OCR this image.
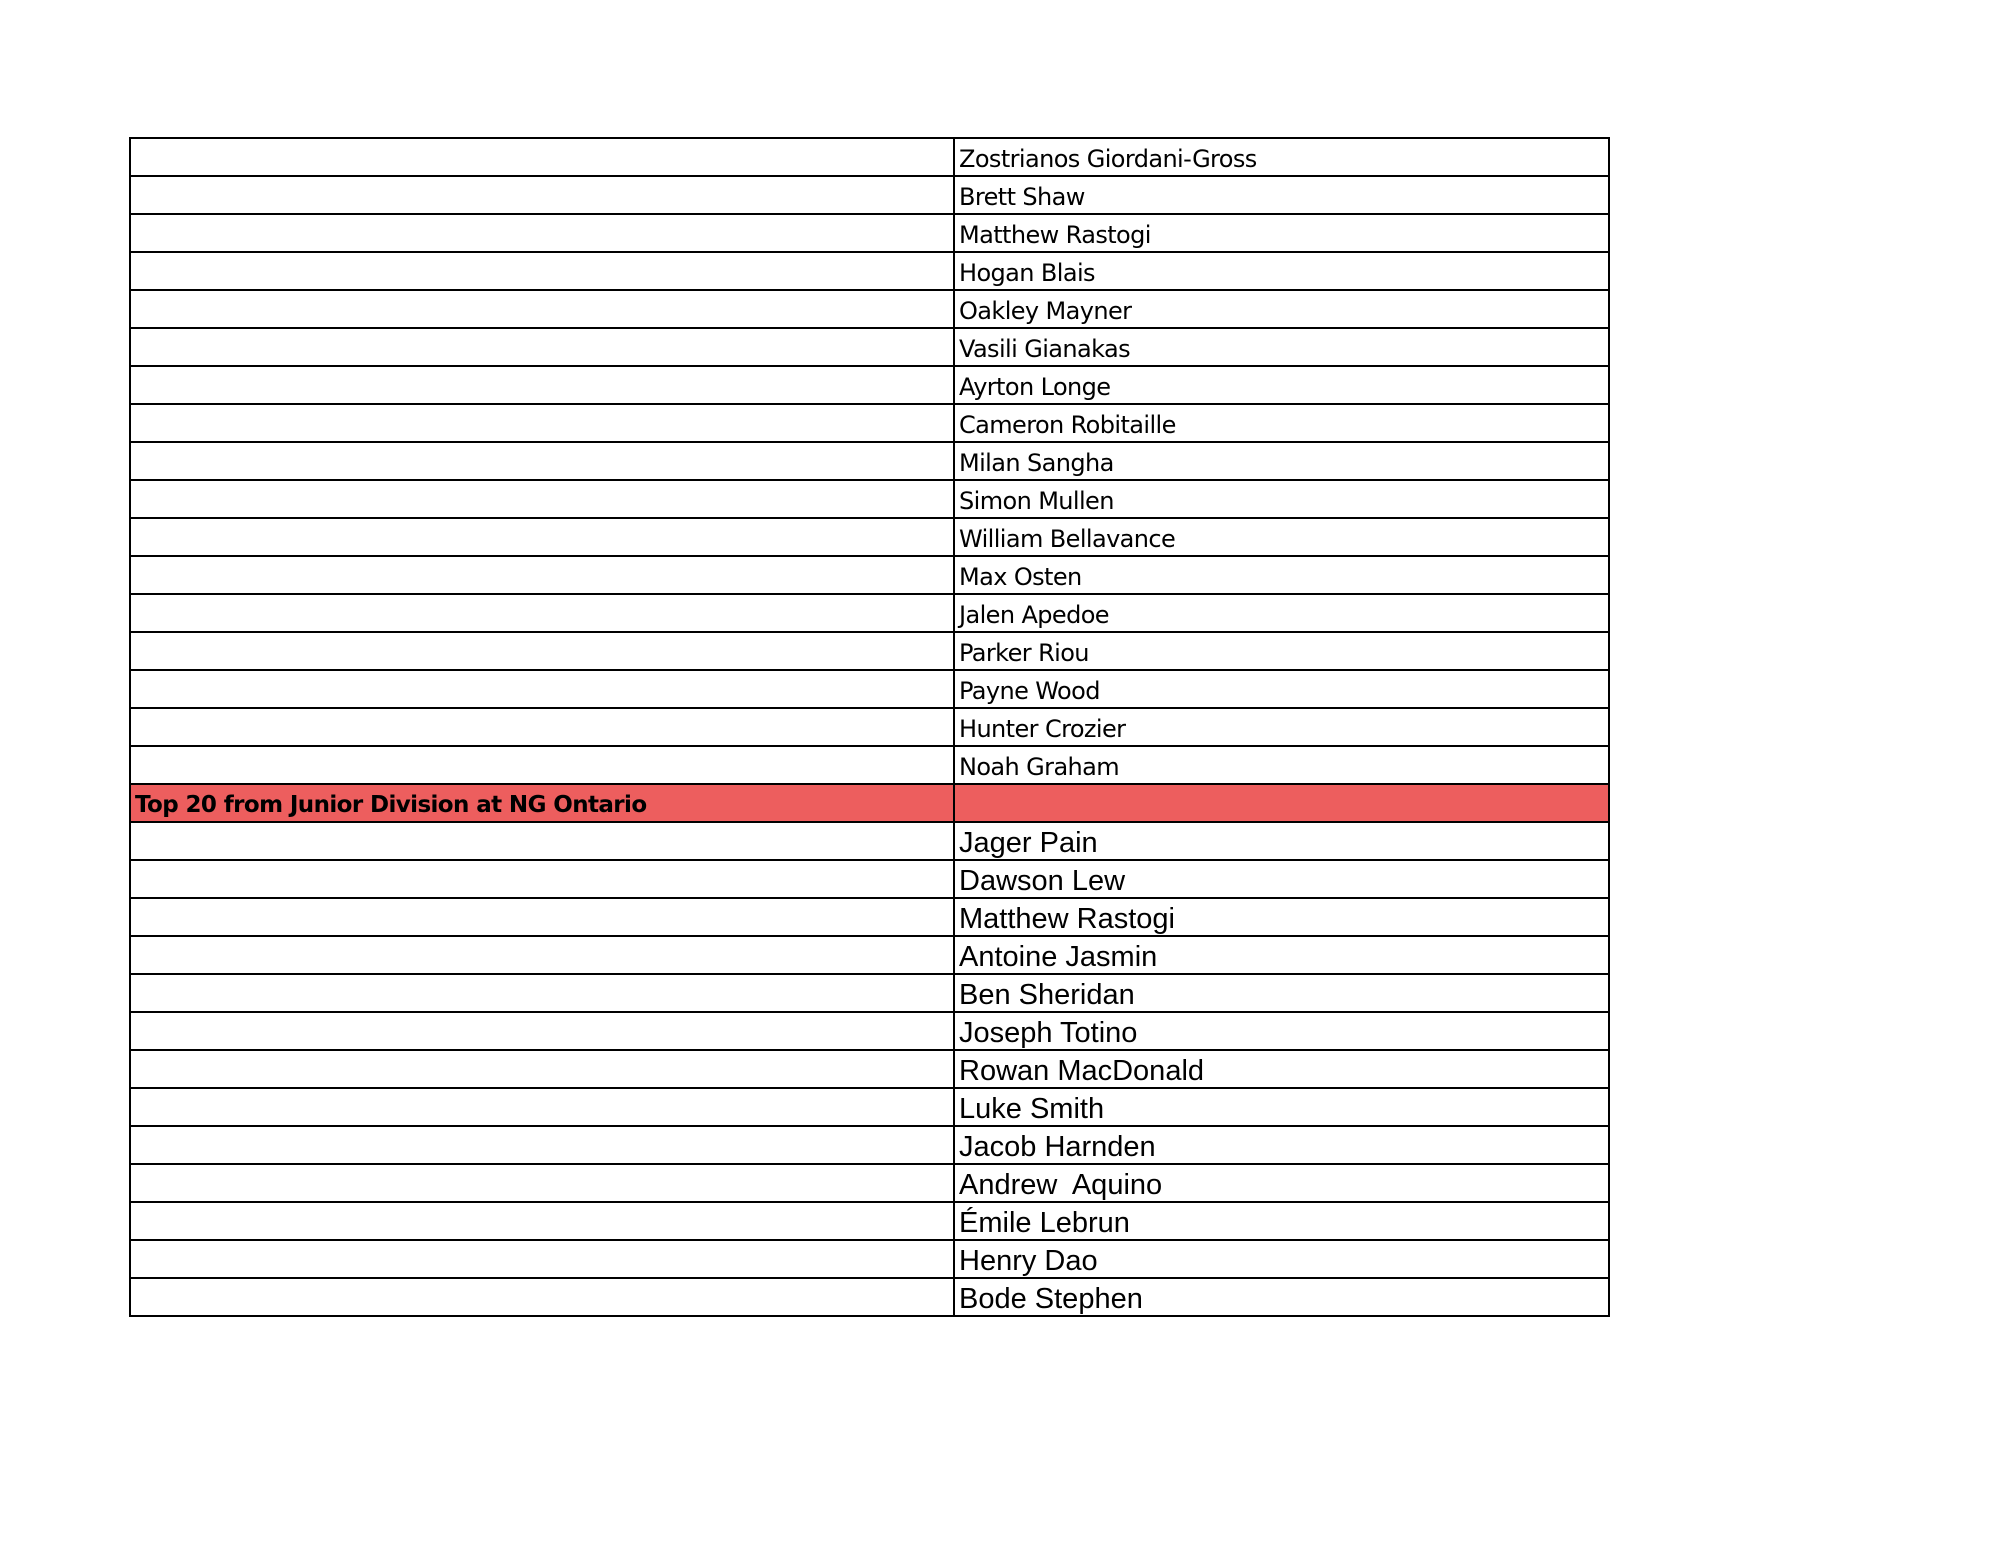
	Zostrianos Giordani-Gross
	Brett Shaw
	Matthew Rastogi
	Hogan Blais
	Oakley Mayner
	Vasili Gianakas
	Ayrton Longe
	Cameron Robitaille
	Milan Sangha
	Simon Mullen
	William Bellavance
	Max Osten
	Jalen Apedoe
	Parker Riou
	Payne Wood
	Hunter Crozier
	Noah Graham
Top 20 from Junior Division at NG Ontario	
	Jager Pain
	Dawson Lew
	Matthew Rastogi
	Antoine Jasmin
	Ben Sheridan
	Joseph Totino
	Rowan MacDonald
	Luke Smith
	Jacob Harnden
	Andrew  Aquino
	Émile Lebrun
	Henry Dao
	Bode Stephen
